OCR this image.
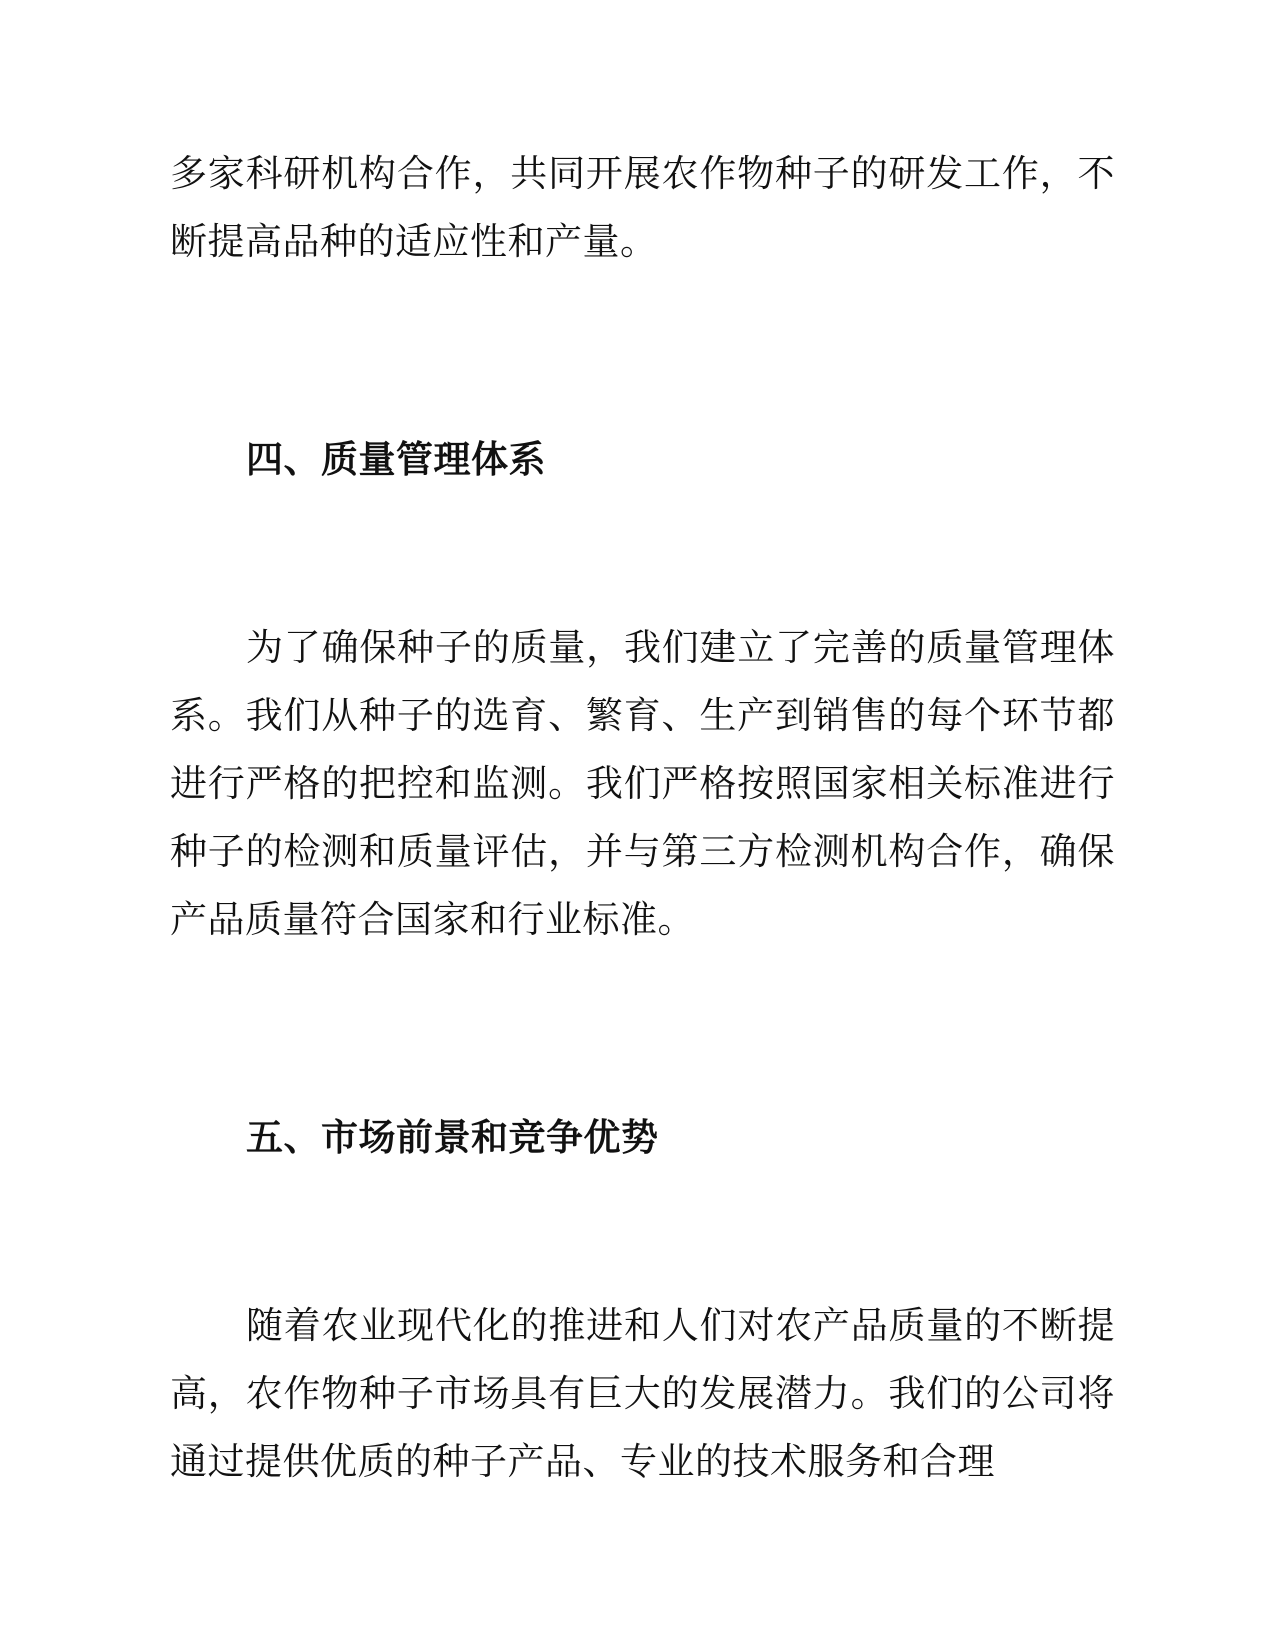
多家科研机构合作，共同开展农作物种子的研发工作，不断提高品种的适应性和产量。

四、质量管理体系

为了确保种子的质量，我们建立了完善的质量管理体系。我们从种子的选育、繁育、生产到销售的每个环节都进行严格的把控和监测。我们严格按照国家相关标准进行种子的检测和质量评估，并与第三方检测机构合作，确保产品质量符合国家和行业标准。

五、市场前景和竞争优势

随着农业现代化的推进和人们对农产品质量的不断提高，农作物种子市场具有巨大的发展潜力。我们的公司将通过提供优质的种子产品、专业的技术服务和合理
